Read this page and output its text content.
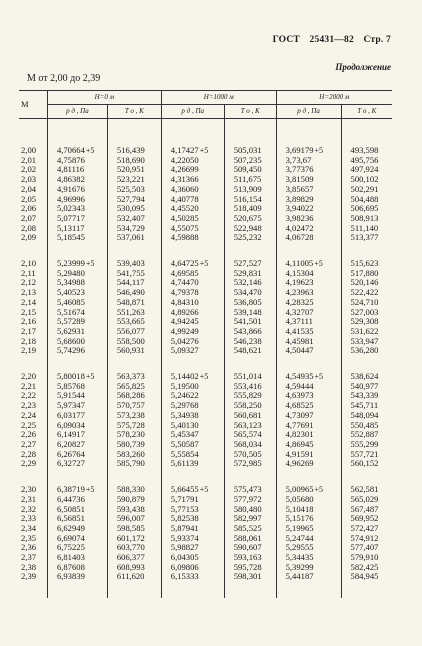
ГОСТ 25431—82 Стр. 7
Продолжение
М от 2,00 до 2,39
М	H=0 м		H=1000 м		H=2000 м	
	р д , Па	T о , К	р д , Па	T о , К	р д , Па	T о , К

2,00	4,70664+5	516,439	4,17427+5	505,031	3,69179+5	493,598
2,01	4,75876	518,690	4,22050	507,235	3,73,67	495,756
2,02	4,81116	520,951	4,26699	509,450	3,77376	497,924
2,03	4,86382	523,221	4,31366	511,675	3,81509	500,102
2,04	4,91676	525,503	4,36060	513,909	3,85657	502,291
2,05	4,96996	527,794	4,40778	516,154	3,89829	504,488
2,06	5,02343	530,095	4,45520	518,409	3,94022	506,695
2,07	5,07717	532,407	4,50285	520,675	3,98236	508,913
2,08	5,13117	534,729	4,55075	522,948	4,02472	511,140
2,09	5,18545	537,061	4,59888	525,232	4,06728	513,377

2,10	5,23999+5	539,403	4,64725+5	527,527	4,11005+5	515,623
2,11	5,29480	541,755	4,69585	529,831	4,15304	517,880
2,12	5,34988	544,117	4,74470	532,146	4,19623	520,146
2,13	5,40523	546,490	4,79378	534,470	4,23963	522,422
2,14	5,46085	548,871	4,84310	536,805	4,28325	524,710
2,15	5,51674	551,263	4,89266	539,148	4,32707	527,003
2,16	5,57289	553,665	4,94245	541,501	4,37111	529,308
2,17	5,62931	556,077	4,99249	543,866	4,41535	531,622
2,18	5,68600	558,500	5,04276	546,238	4,45981	533,947
2,19	5,74296	560,931	5,09327	548,621	4,50447	536,280

2,20	5,80018+5	563,373	5,14402+5	551,014	4,54935+5	538,624
2,21	5,85768	565,825	5,19500	553,416	4,59444	540,977
2,22	5,91544	568,286	5,24622	555,829	4,63973	543,339
2,23	5,97347	570,757	5,29768	558,250	4,68525	545,711
2,24	6,03177	573,238	5,34938	560,681	4,73097	548,094
2,25	6,09034	575,728	5,40130	563,123	4,77691	550,485
2,26	6,14917	578,230	5,45347	565,574	4,82301	552,887
2,27	6,20827	580,739	5,50587	568,034	4,86945	555,299
2,28	6,26764	583,260	5,55854	570,505	4,91591	557,721
2,29	6,32727	585,790	5,61139	572,985	4,96269	560,152

2,30	6,38719+5	588,330	5,66455+5	575,473	5,00965+5	562,581
2,31	6,44736	590,879	5,71791	577,972	5,05680	565,029
2,32	6,50851	593,438	5,77153	580,480	5,10418	567,487
2,33	6,56851	596,007	5,82538	582,997	5,15176	569,952
2,34	6,62949	598,585	5,87941	585,525	5,19965	572,427
2,35	6,69074	601,172	5,93374	588,061	5,24744	574,912
2,36	6,75225	603,770	5,98827	590,607	5,29555	577,407
2,37	6,81403	606,377	6,04305	593,163	5,34435	579,910
2,38	6,87608	608,993	6,09806	595,728	5,39299	582,425
2,39	6,93839	611,620	6,15333	598,301	5,44187	584,945
